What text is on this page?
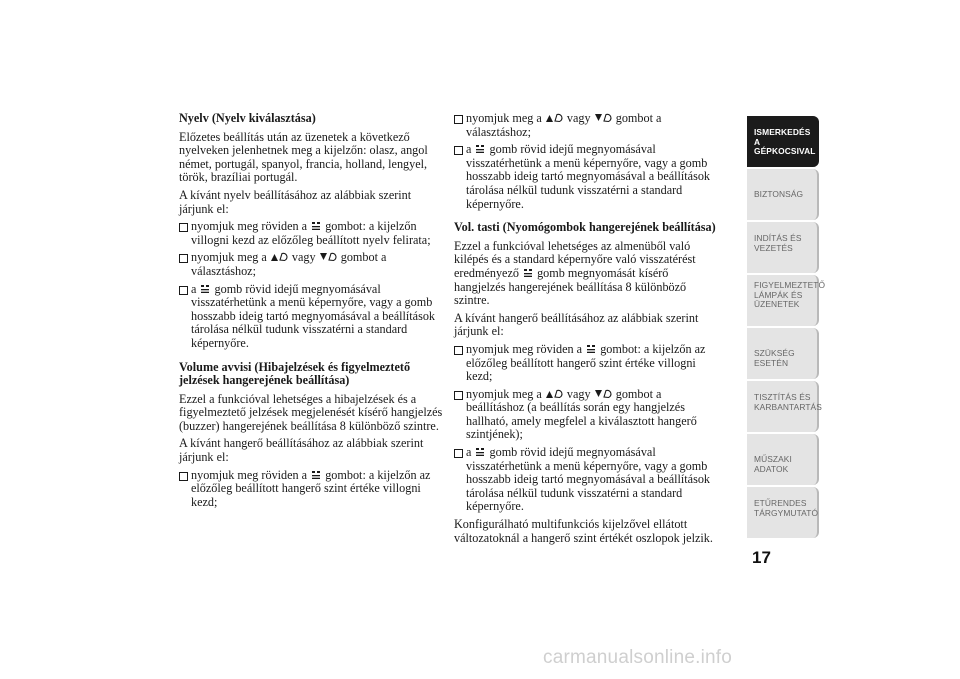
Nyelv (Nyelv kiválasztása)
Előzetes beállítás után az üzenetek a következő nyelveken jelenhetnek meg a kijelzőn: olasz, angol német, portugál, spanyol, francia, holland, lengyel, török, brazíliai portugál.
A kívánt nyelv beállításához az alábbiak szerint járjunk el:
nyomjuk meg röviden a gombot: a kijelzőn villogni kezd az előzőleg beállított nyelv felirata;
nyomjuk meg a vagy gombot a választáshoz;
a gomb rövid idejű megnyomásával visszatérhetünk a menü képernyőre, vagy a gomb hosszabb ideig tartó megnyomásával a beállítások tárolása nélkül tudunk visszatérni a standard képernyőre.
Volume avvisi (Hibajelzések és figyelmeztető jelzések hangerejének beállítása)
Ezzel a funkcióval lehetséges a hibajelzések és a figyelmeztető jelzések megjelenését kísérő hangjelzés (buzzer) hangerejének beállítása 8 különböző szintre.
A kívánt hangerő beállításához az alábbiak szerint járjunk el:
nyomjuk meg röviden a gombot: a kijelzőn az előzőleg beállított hangerő szint értéke villogni kezd;
nyomjuk meg a vagy gombot a választáshoz;
a gomb rövid idejű megnyomásával visszatérhetünk a menü képernyőre, vagy a gomb hosszabb ideig tartó megnyomásával a beállítások tárolása nélkül tudunk visszatérni a standard képernyőre.
Vol. tasti (Nyomógombok hangerejének beállítása)
Ezzel a funkcióval lehetséges az almenüből való kilépés és a standard képernyőre való visszatérést eredményező gomb megnyomását kísérő hangjelzés hangerejének beállítása 8 különböző szintre.
A kívánt hangerő beállításához az alábbiak szerint járjunk el:
nyomjuk meg röviden a gombot: a kijelzőn az előzőleg beállított hangerő szint értéke villogni kezd;
nyomjuk meg a vagy gombot a beállításhoz (a beállítás során egy hangjelzés hallható, amely megfelel a kiválasztott hangerő szintjének);
a gomb rövid idejű megnyomásával visszatérhetünk a menü képernyőre, vagy a gomb hosszabb ideig tartó megnyomásával a beállítások tárolása nélkül tudunk visszatérni a standard képernyőre.
Konfigurálható multifunkciós kijelzővel ellátott változatoknál a hangerő szint értékét oszlopok jelzik.
ISMERKEDÉS A
GÉPKOCSIVAL
BIZTONSÁG
INDÍTÁS ÉS
VEZETÉS
FIGYELMEZTETŐ
LÁMPÁK ÉS
ÜZENETEK
SZÜKSÉG ESETÉN
TISZTÍTÁS ÉS
KARBANTARTÁS
MŰSZAKI ADATOK
ETŰRENDES
TÁRGYMUTATÓ
17
carmanualsonline.info
